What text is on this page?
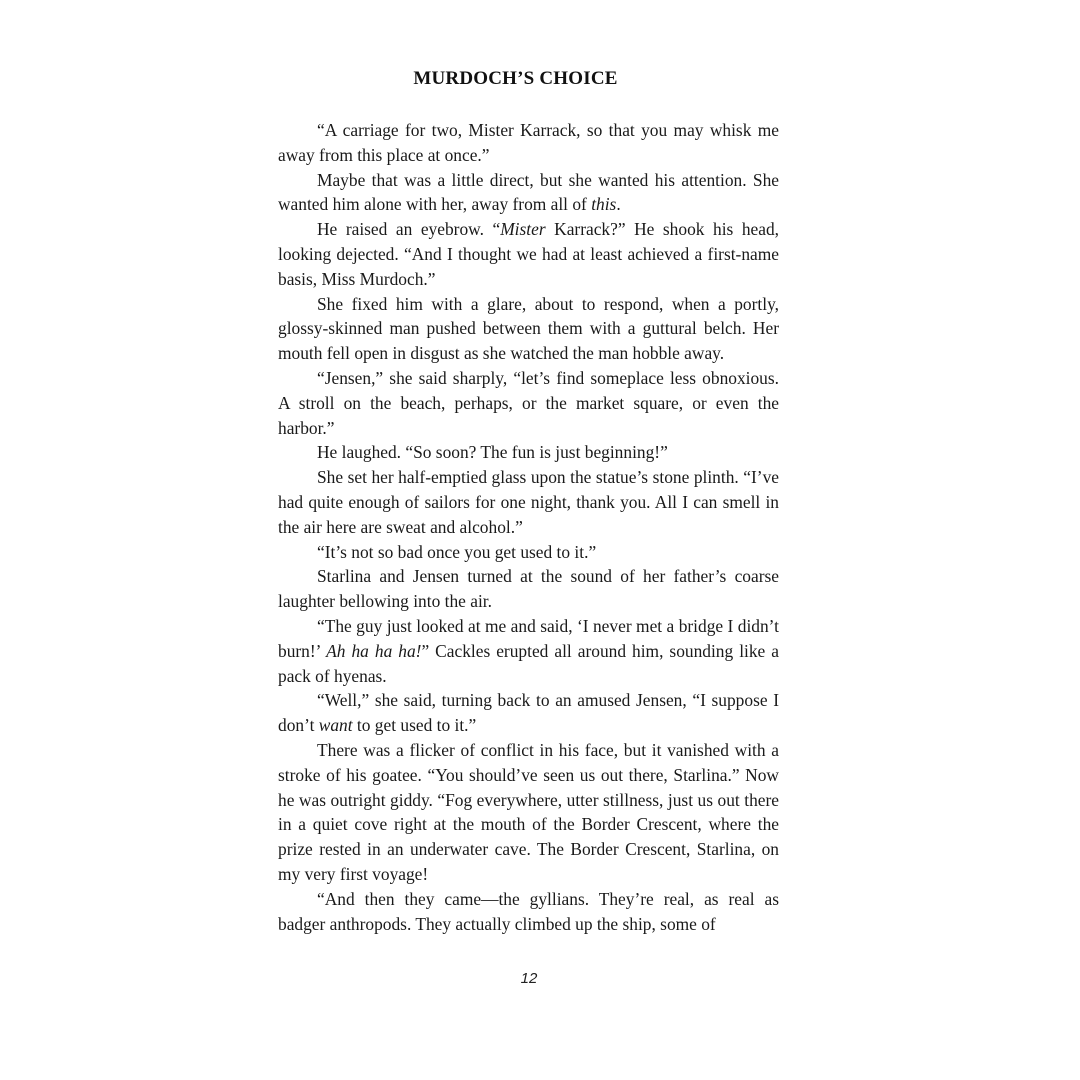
MURDOCH’S CHOICE

“A carriage for two, Mister Karrack, so that you may whisk me away from this place at once.”

Maybe that was a little direct, but she wanted his attention. She wanted him alone with her, away from all of this.

He raised an eyebrow. “Mister Karrack?” He shook his head, looking dejected. “And I thought we had at least achieved a first-name basis, Miss Murdoch.”

She fixed him with a glare, about to respond, when a portly, glossy-skinned man pushed between them with a guttural belch. Her mouth fell open in disgust as she watched the man hobble away.

“Jensen,” she said sharply, “let’s find someplace less obnoxious. A stroll on the beach, perhaps, or the market square, or even the harbor.”

He laughed. “So soon? The fun is just beginning!”

She set her half-emptied glass upon the statue’s stone plinth. “I’ve had quite enough of sailors for one night, thank you. All I can smell in the air here are sweat and alcohol.”

“It’s not so bad once you get used to it.”

Starlina and Jensen turned at the sound of her father’s coarse laughter bellowing into the air.

“The guy just looked at me and said, ‘I never met a bridge I didn’t burn!’ Ah ha ha ha!” Cackles erupted all around him, sounding like a pack of hyenas.

“Well,” she said, turning back to an amused Jensen, “I suppose I don’t want to get used to it.”

There was a flicker of conflict in his face, but it vanished with a stroke of his goatee. “You should’ve seen us out there, Starlina.” Now he was outright giddy. “Fog everywhere, utter stillness, just us out there in a quiet cove right at the mouth of the Border Crescent, where the prize rested in an underwater cave. The Border Crescent, Starlina, on my very first voyage!

“And then they came—the gyllians. They’re real, as real as badger anthropods. They actually climbed up the ship, some of

12
